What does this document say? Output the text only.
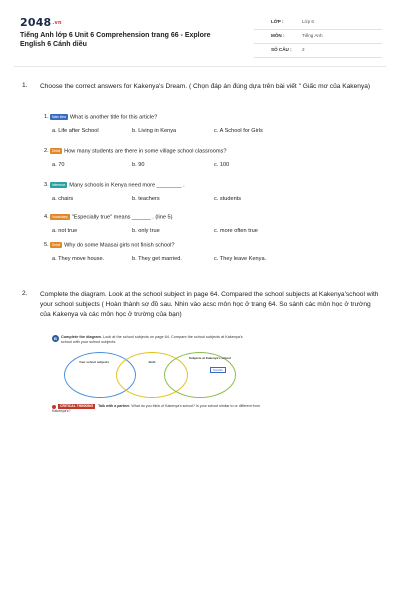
2048.vn
Tiếng Anh lớp 6 Unit 6 Comprehension trang 66 - Explore English 6 Cánh diều
LỚP :	Lớp 6
MÔN :	Tiếng Anh
SỐ CÂU : 2
1. Choose the correct answers for Kakenya's Dream. ( Chọn đáp án đúng dựa trên bài viết " Giấc mơ của Kakenya)
1. Main idea What is another title for this article?
a. Life after School	b. Living in Kenya	c. A School for Girls
2. Detail How many students are there in some village school classrooms?
a. 70	b. 90	c. 100
3. Inference Many schools in Kenya need more ________ .
a. chairs	b. teachers	c. students
4. Vocabulary "Especially true" means ______ . (line 5)
a. not true	b. only true	c. more often true
5. Detail Why do some Maasai girls not finish school?
a. They move house.	b. They get married.	c. They leave Kenya.
2. Complete the diagram. Look at the school subject in page 64. Compared the school subjects at Kakenya'school with your school subjects ( Hoàn thành sơ đồ sau. Nhìn vào acsc môn học ở trang 64. So sánh các môn học ở trường của Kakenya và các môn học ở trường của bạn)
B	Complete the diagram. Look at the school subjects on page 64. Compare the school subjects at Kakenya's school with your school subjects.
Your school subjects	Both
Subjects at Kakenya's school
Swahili
CRITICAL THINKING Talk with a partner. What do you think of Kakenya's school? Is your school similar to or different from Kakenya's?
